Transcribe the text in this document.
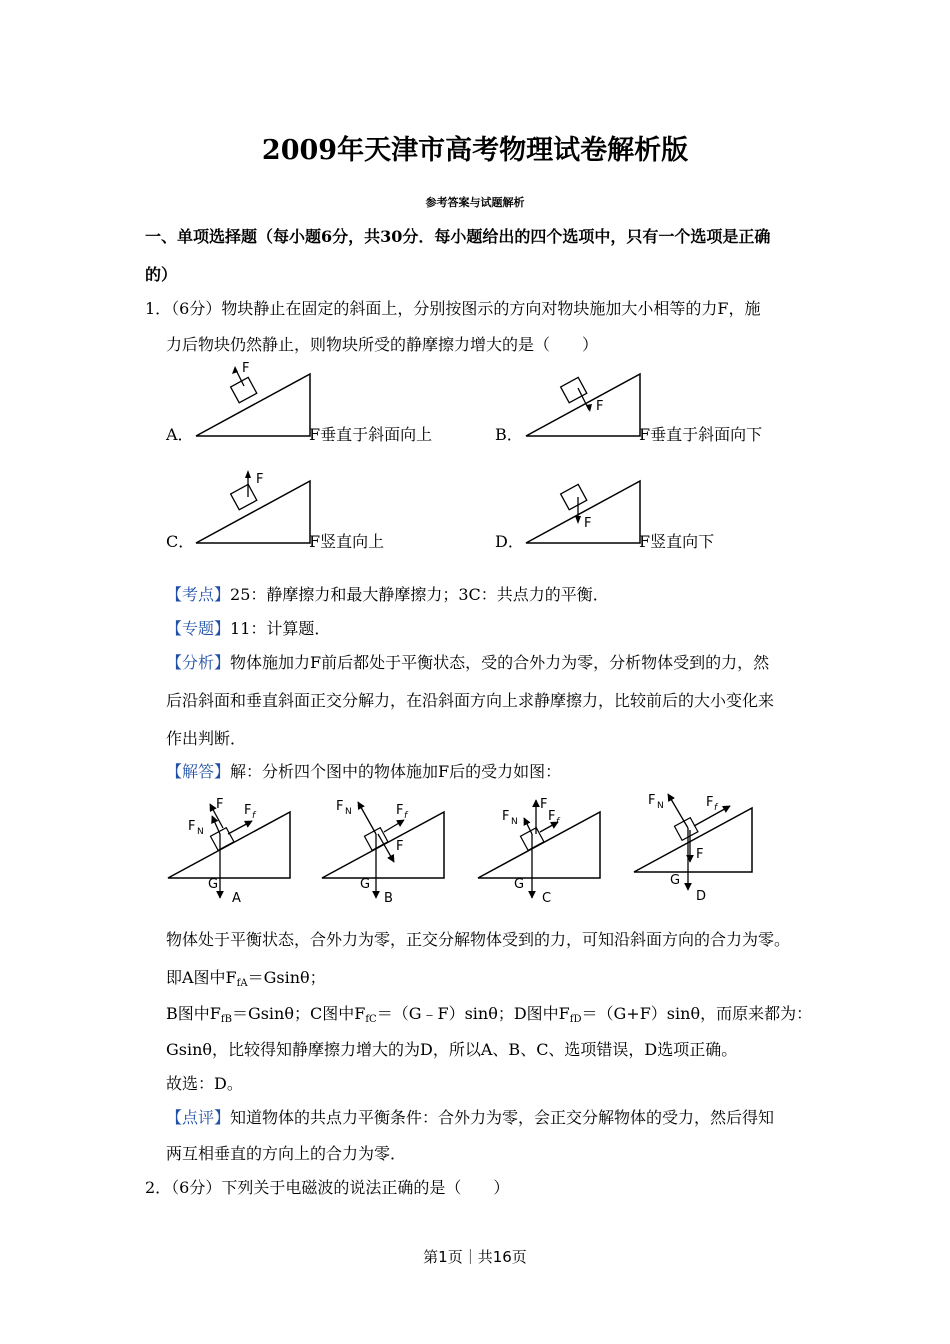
2009年天津市高考物理试卷解析版
参考答案与试题解析
一、单项选择题（每小题6分，共30分．每小题给出的四个选项中，只有一个选项是正确
的）
1．（6分）物块静止在固定的斜面上，分别按图示的方向对物块施加大小相等的力F，施
力后物块仍然静止，则物块所受的静摩擦力增大的是（　　）
A．
F
F垂直于斜面向上	B．
F
F垂直于斜面向下
C．
F
F竖直向上	D．
F
F竖直向下
【考点】25：静摩擦力和最大静摩擦力；3C：共点力的平衡．
【专题】11：计算题．
【分析】物体施加力F前后都处于平衡状态，受的合外力为零，分析物体受到的力，然
后沿斜面和垂直斜面正交分解力，在沿斜面方向上求静摩擦力，比较前后的大小变化来
作出判断．
【解答】解：分析四个图中的物体施加F后的受力如图：
F
F N
F f
G
A
F N	F f
F
G
B
F
F N F f
G
C
F N	F f
F
G
D
物体处于平衡状态，合外力为零，正交分解物体受到的力，可知沿斜面方向的合力为零。
即A图中$F_{fA}=Gsin\theta$；
B图中$F_{fB}=Gsin\theta$；C图中$F_{fC}=(G﹣F)\sin\theta$；D图中$F_{fD}=(G+F)\sin\theta$，而原来都为：
Gsinθ，比较得知静摩擦力增大的为D，所以A、B、C、选项错误，D选项正确。
故选：D。
【点评】知道物体的共点力平衡条件：合外力为零，会正交分解物体的受力，然后得知
两互相垂直的方向上的合力为零．
2．（6分）下列关于电磁波的说法正确的是（　　）
第1页｜共16页
